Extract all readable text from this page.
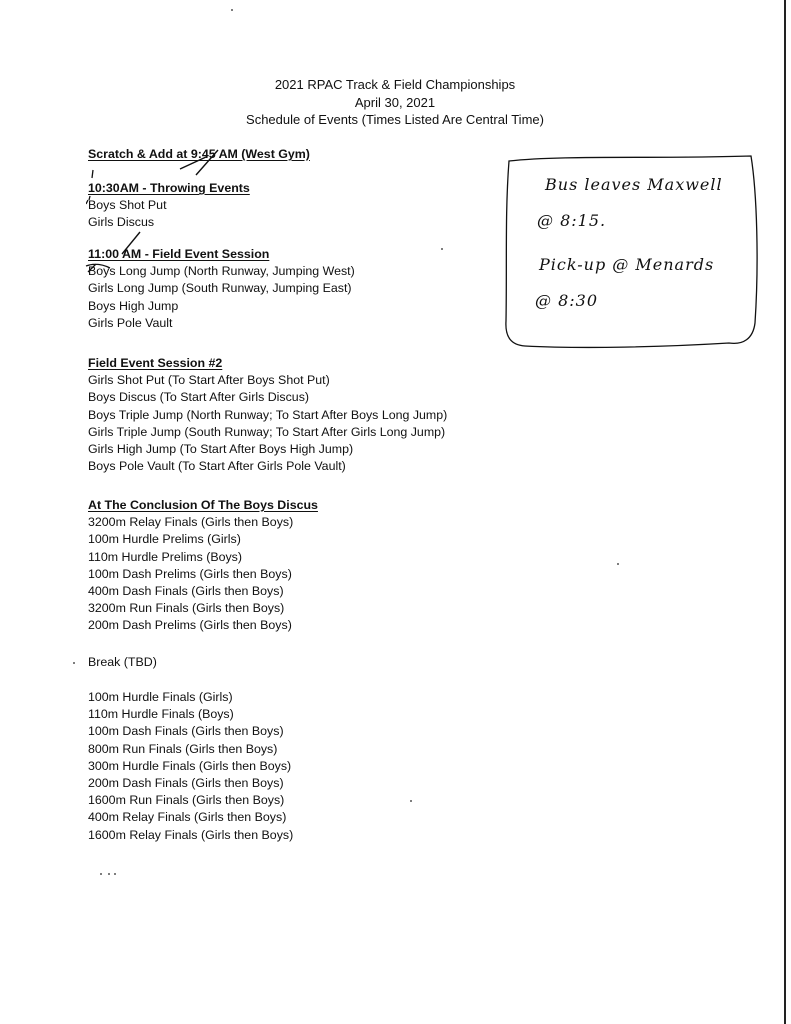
2021 RPAC Track & Field Championships
April 30, 2021
Schedule of Events (Times Listed Are Central Time)
Scratch & Add at 9:45 AM (West Gym)
10:30AM - Throwing Events
Boys Shot Put
Girls Discus
11:00 AM - Field Event Session
Boys Long Jump (North Runway, Jumping West)
Girls Long Jump (South Runway, Jumping East)
Boys High Jump
Girls Pole Vault
Field Event Session #2
Girls Shot Put (To Start After Boys Shot Put)
Boys Discus (To Start After Girls Discus)
Boys Triple Jump (North Runway; To Start After Boys Long Jump)
Girls Triple Jump (South Runway; To Start After Girls Long Jump)
Girls High Jump (To Start After Boys High Jump)
Boys Pole Vault (To Start After Girls Pole Vault)
At The Conclusion Of The Boys Discus
3200m Relay Finals (Girls then Boys)
100m Hurdle Prelims (Girls)
110m Hurdle Prelims (Boys)
100m Dash Prelims (Girls then Boys)
400m Dash Finals (Girls then Boys)
3200m Run Finals (Girls then Boys)
200m Dash Prelims (Girls then Boys)
Break (TBD)
100m Hurdle Finals (Girls)
110m Hurdle Finals (Boys)
100m Dash Finals (Girls then Boys)
800m Run Finals (Girls then Boys)
300m Hurdle Finals (Girls then Boys)
200m Dash Finals (Girls then Boys)
1600m Run Finals (Girls then Boys)
400m Relay Finals (Girls then Boys)
1600m Relay Finals (Girls then Boys)
Bus leaves Maxwell
@ 8:15.
Pick-up @ Menards
@ 8:30
